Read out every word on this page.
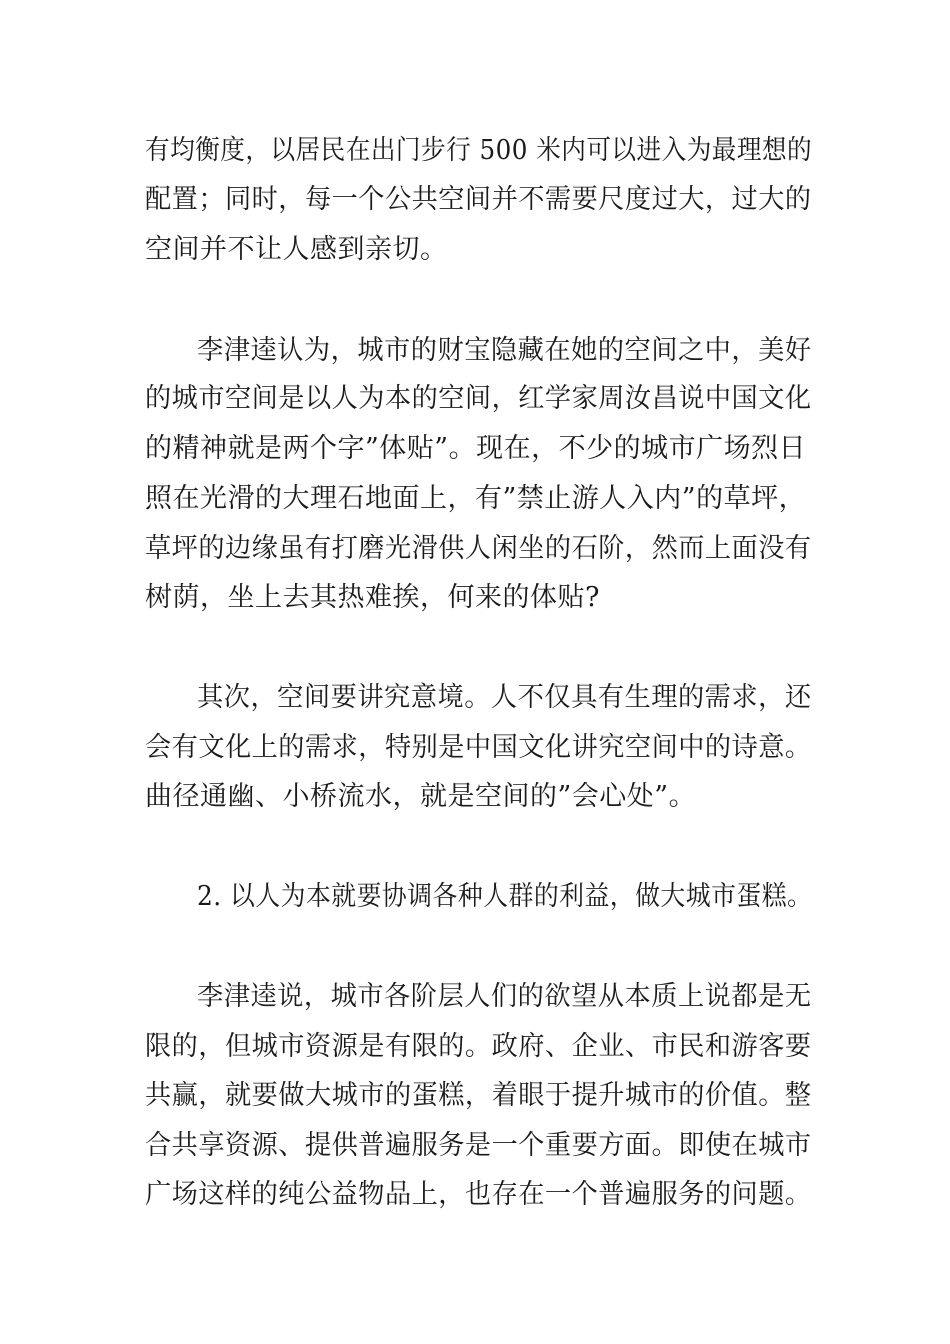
有均衡度，以居民在出门步行 500 米内可以进入为最理想的
配置；同时，每一个公共空间并不需要尺度过大，过大的
空间并不让人感到亲切。
李津逵认为，城市的财宝隐藏在她的空间之中，美好
的城市空间是以人为本的空间，红学家周汝昌说中国文化
的精神就是两个字”体贴”。现在，不少的城市广场烈日
照在光滑的大理石地面上，有”禁止游人入内”的草坪，
草坪的边缘虽有打磨光滑供人闲坐的石阶，然而上面没有
树荫，坐上去其热难挨，何来的体贴?
其次，空间要讲究意境。人不仅具有生理的需求，还
会有文化上的需求，特别是中国文化讲究空间中的诗意。
曲径通幽、小桥流水，就是空间的”会心处”。
2. 以人为本就要协调各种人群的利益，做大城市蛋糕。
李津逵说，城市各阶层人们的欲望从本质上说都是无
限的，但城市资源是有限的。政府、企业、市民和游客要
共赢，就要做大城市的蛋糕，着眼于提升城市的价值。整
合共享资源、提供普遍服务是一个重要方面。即使在城市
广场这样的纯公益物品上，也存在一个普遍服务的问题。
